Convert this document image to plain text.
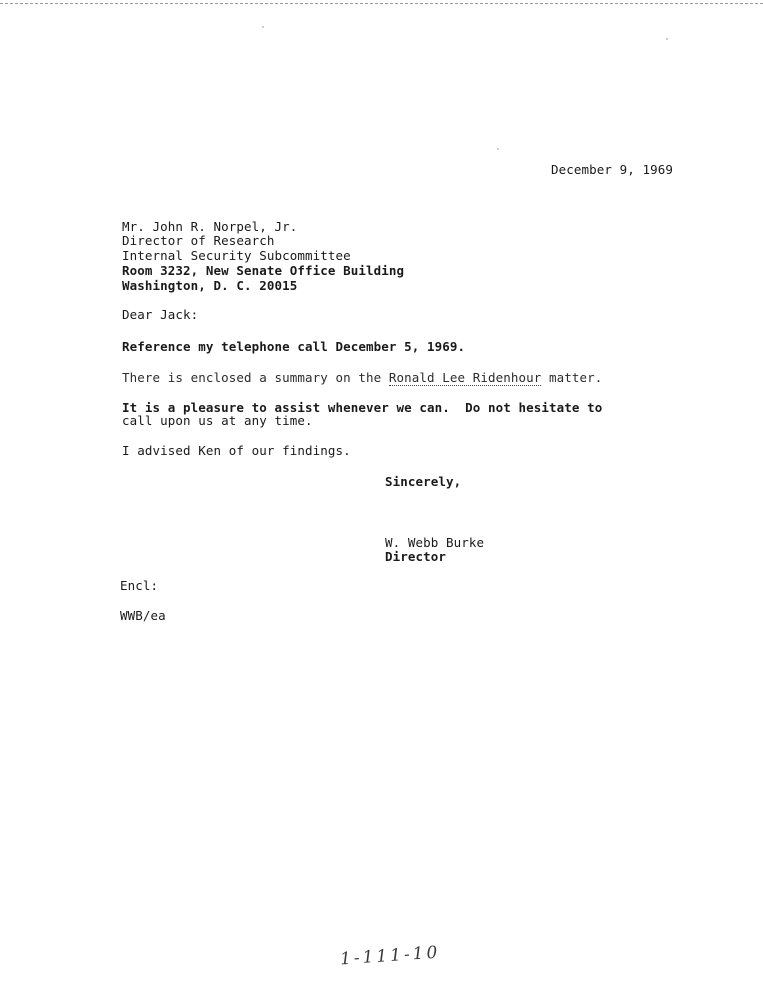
December 9, 1969
Mr. John R. Norpel, Jr.
Director of Research
Internal Security Subcommittee
Room 3232, New Senate Office Building
Washington, D. C. 20015
Dear Jack:
Reference my telephone call December 5, 1969.
There is enclosed a summary on the Ronald Lee Ridenhour matter.
It is a pleasure to assist whenever we can.  Do not hesitate to
call upon us at any time.
I advised Ken of our findings.
Sincerely,
W. Webb Burke
Director
Encl:
WWB/ea
1-111-10
